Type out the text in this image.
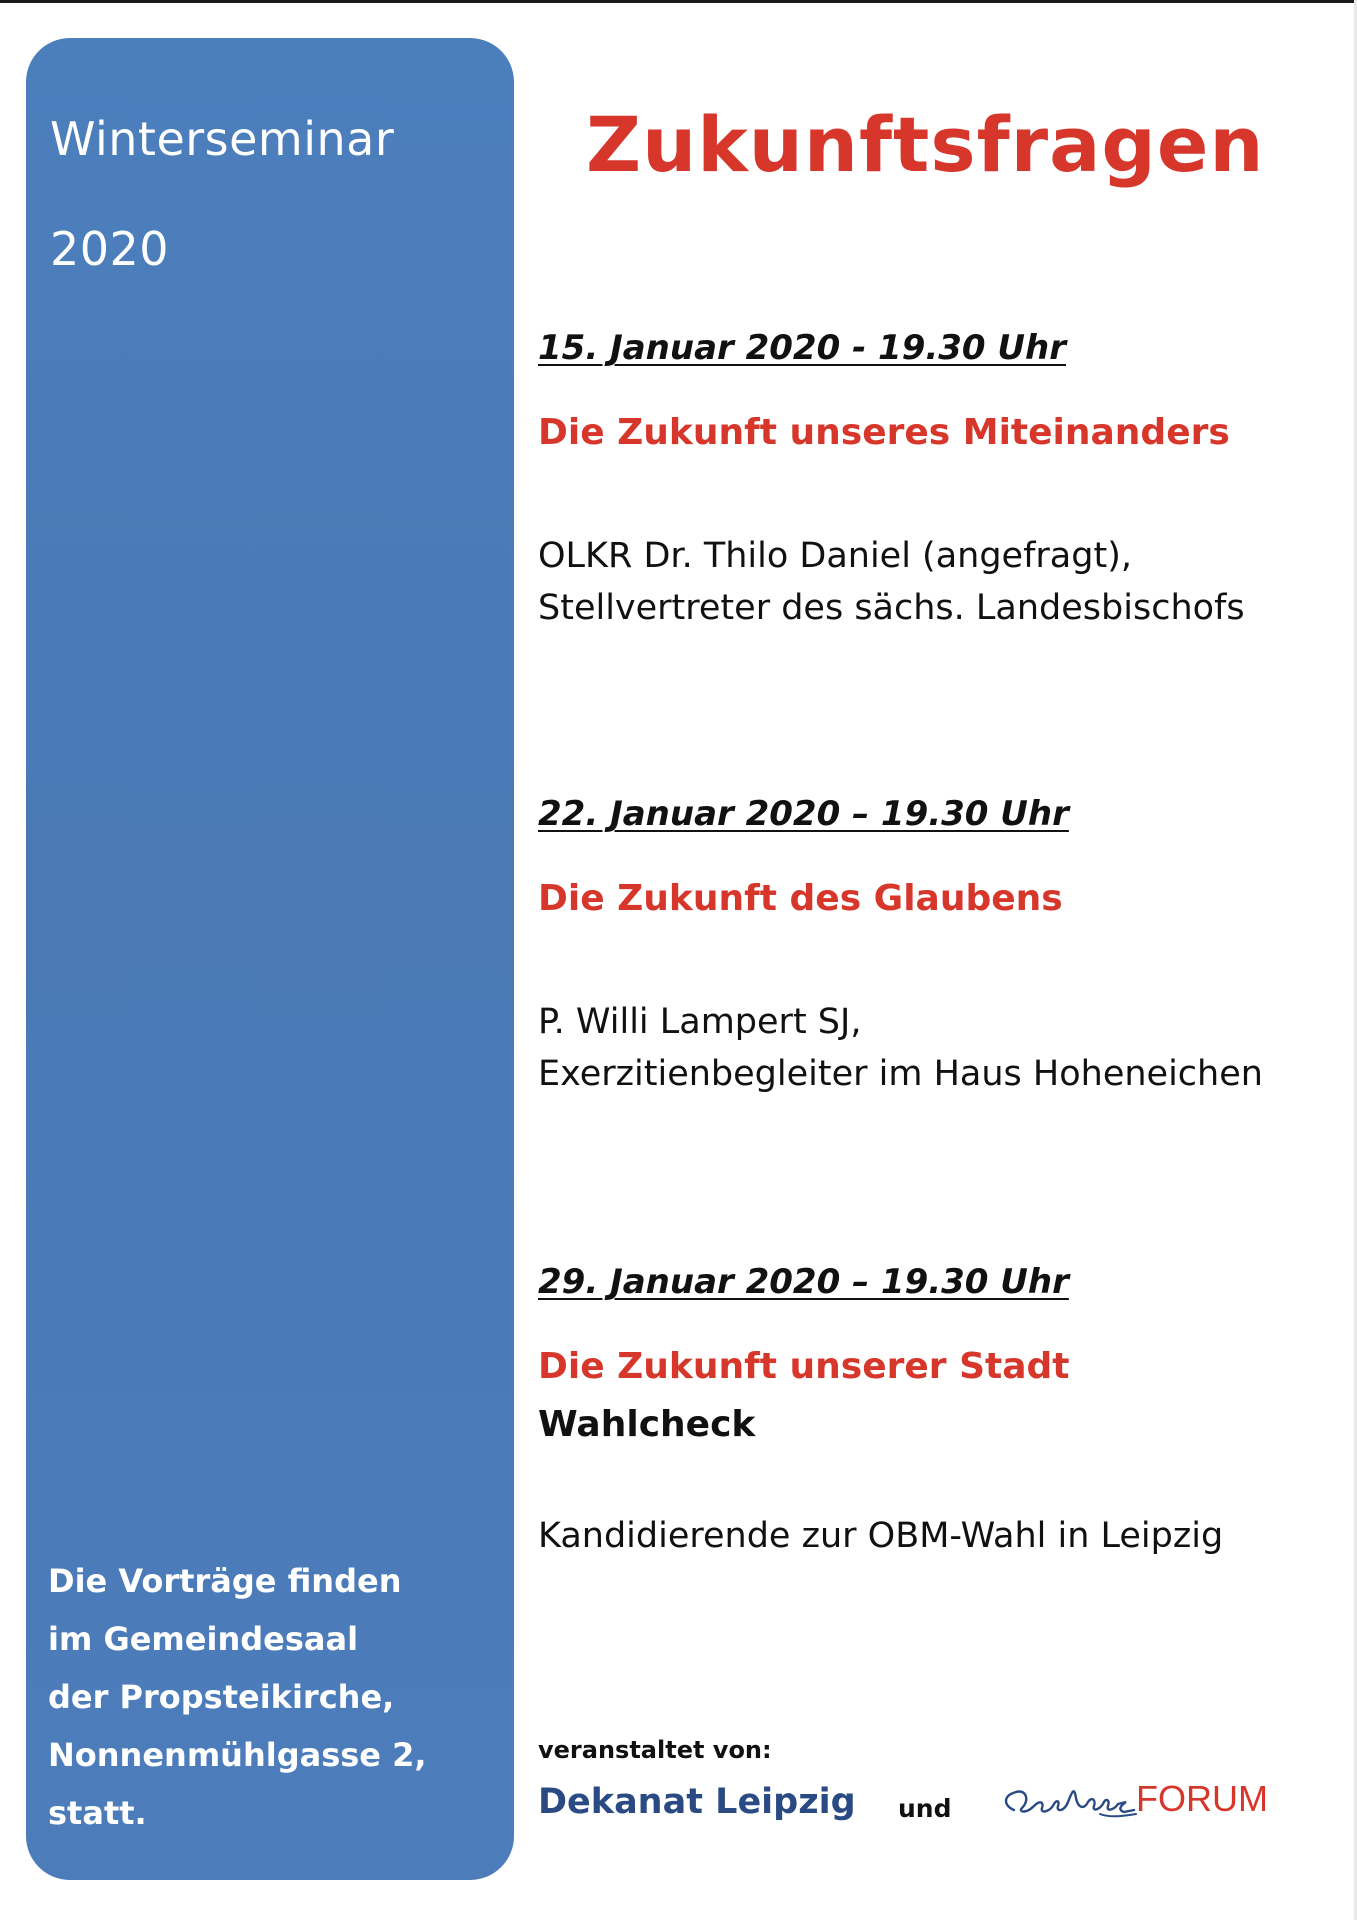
Winterseminar
2020
Die Vorträge finden
im Gemeindesaal
der Propsteikirche,
Nonnenmühlgasse 2,
statt.
Zukunftsfragen
15. Januar 2020 - 19.30 Uhr
Die Zukunft unseres Miteinanders
OLKR Dr. Thilo Daniel (angefragt),
Stellvertreter des sächs. Landesbischofs
22. Januar 2020 – 19.30 Uhr
Die Zukunft des Glaubens
P. Willi Lampert SJ,
Exerzitienbegleiter im Haus Hoheneichen
29. Januar 2020 – 19.30 Uhr
Die Zukunft unserer Stadt
Wahlcheck
Kandidierende zur OBM-Wahl in Leipzig

veranstaltet von:

Dekanat Leipzig und	FORUM
